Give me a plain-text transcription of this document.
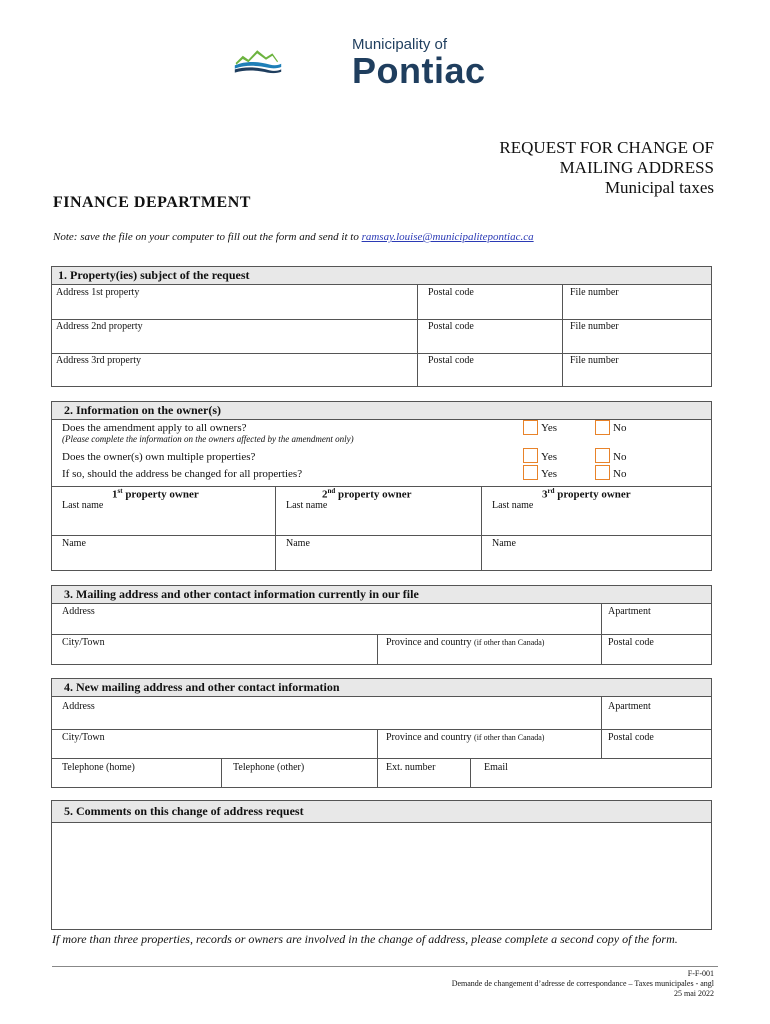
Municipality of
Pontiac
REQUEST FOR CHANGE OF
MAILING ADDRESS
Municipal taxes
FINANCE DEPARTMENT
Note: save the file on your computer to fill out the form and send it to ramsay.louise@municipalitepontiac.ca
1. Property(ies) subject of the request
Address 1st property	Postal code	File number
Address 2nd property	Postal code	File number
Address 3rd property	Postal code	File number
2. Information on the owner(s)
Does the amendment apply to all owners?
(Please complete the information on the owners affected by the amendment only)
Yes	No
Does the owner(s) own multiple properties?	Yes	No
If so, should the address be changed for all properties?	Yes	No
1st property owner	2nd property owner	3rd property owner
Last name	Last name	Last name
Name	Name	Name
3. Mailing address and other contact information currently in our file
Address	Apartment
City/Town	Province and country (if other than Canada)	Postal code
4. New mailing address and other contact information
Address	Apartment
City/Town	Province and country (if other than Canada)	Postal code
Telephone (home)	Telephone (other)	Ext. number	Email
5. Comments on this change of address request
If more than three properties, records or owners are involved in the change of address, please complete a second copy of the form.
F-F-001
Demande de changement d’adresse de correspondance – Taxes municipales - angl
25 mai 2022
